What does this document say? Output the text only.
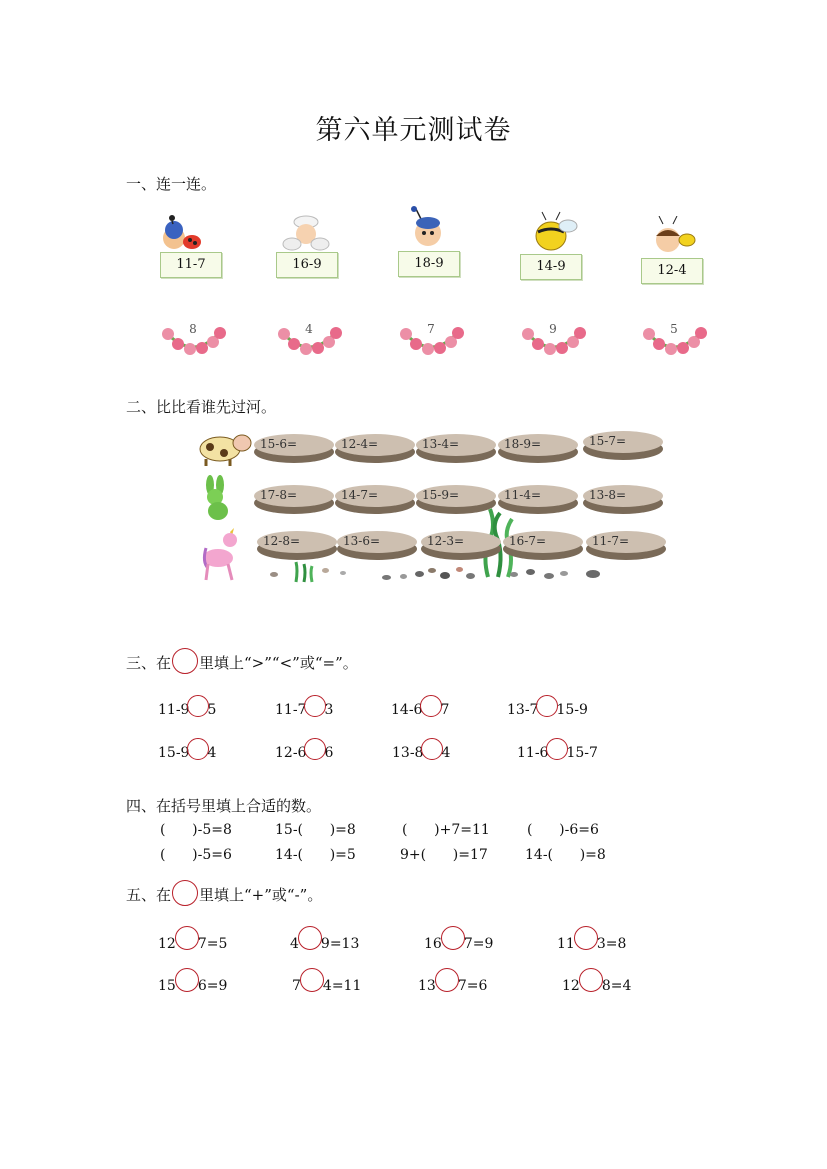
第六单元测试卷
一、连一连。
二、比比看谁先过河。
三、在 里填上“>”“<”或“=”。
四、在括号里填上合适的数。
五、在 里填上“+”或“-”。
11-7	16-9	18-9	14-9	12-4
8	4	7	9	5
15-6=	12-4=	13-4=	18-9=	15-7=
17-8=	14-7=	15-9=	11-4=	13-8=
12-8=	13-6=	12-3=	16-7=	11-7=
11-9 5	11-7 3	14-6 7	13-7 15-9
15-9 4	12-6 6	13-8 4	11-6 15-7
(      )-5=8	15-(      )=8	(      )+7=11	(      )-6=6
(      )-5=6	14-(      )=5	9+(      )=17	14-(      )=8
12 7=5	4 9=13	16 7=9	11 3=8
15 6=9	7 4=11	13 7=6	12 8=4
